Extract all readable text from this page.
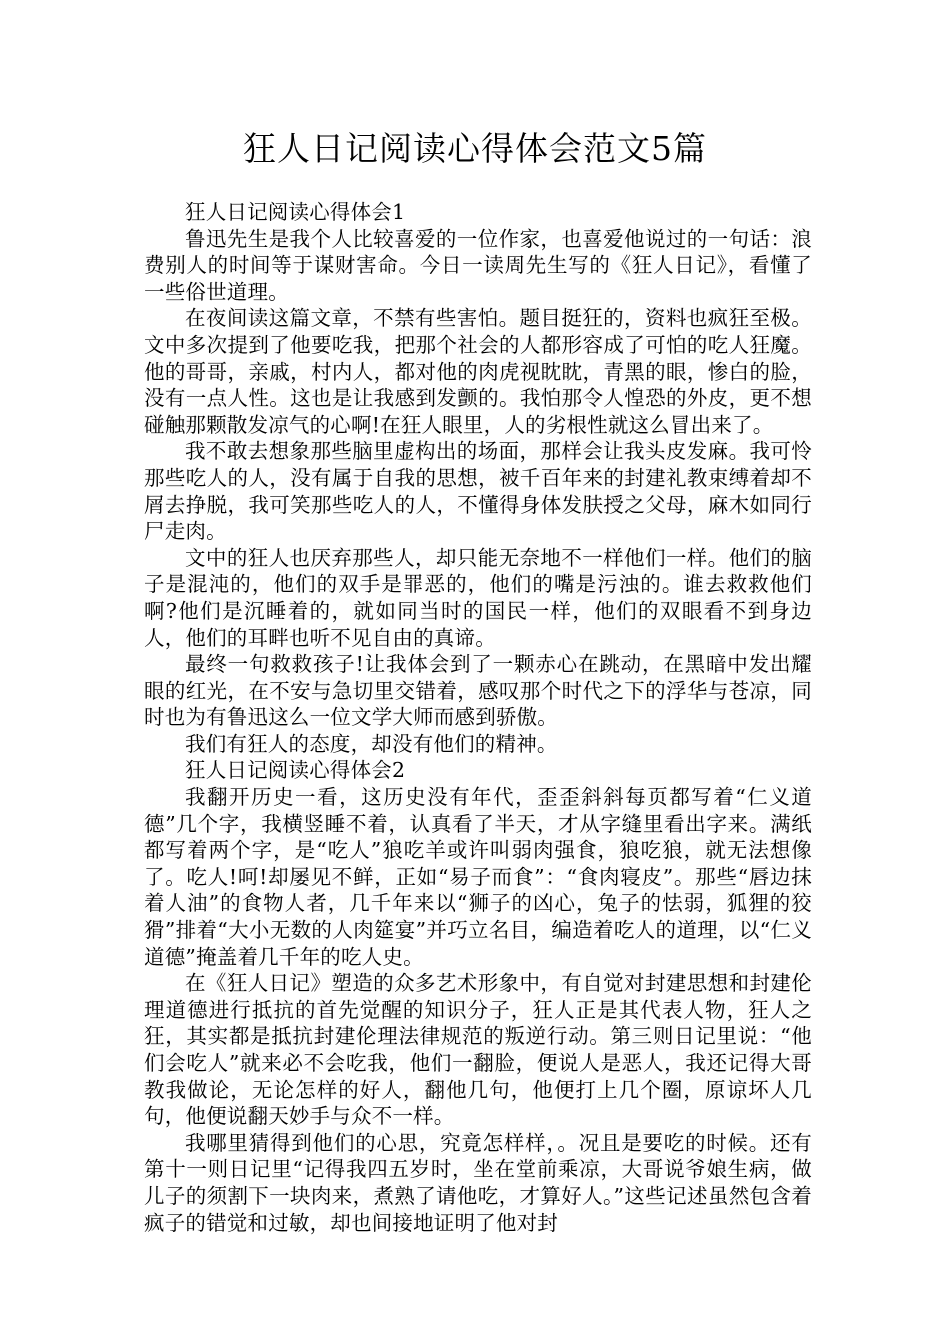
狂人日记阅读心得体会范文5篇

狂人日记阅读心得体会1

鲁迅先生是我个人比较喜爱的一位作家，也喜爱他说过的一句话：浪费别人的时间等于谋财害命。今日一读周先生写的《狂人日记》，看懂了一些俗世道理。

在夜间读这篇文章，不禁有些害怕。题目挺狂的，资料也疯狂至极。文中多次提到了他要吃我，把那个社会的人都形容成了可怕的吃人狂魔。他的哥哥，亲戚，村内人，都对他的肉虎视眈眈，青黑的眼，惨白的脸，没有一点人性。这也是让我感到发颤的。我怕那令人惶恐的外皮，更不想碰触那颗散发凉气的心啊!在狂人眼里，人的劣根性就这么冒出来了。

我不敢去想象那些脑里虚构出的场面，那样会让我头皮发麻。我可怜那些吃人的人，没有属于自我的思想，被千百年来的封建礼教束缚着却不屑去挣脱，我可笑那些吃人的人，不懂得身体发肤授之父母，麻木如同行尸走肉。

文中的狂人也厌弃那些人，却只能无奈地不一样他们一样。他们的脑子是混沌的，他们的双手是罪恶的，他们的嘴是污浊的。谁去救救他们啊?他们是沉睡着的，就如同当时的国民一样，他们的双眼看不到身边人，他们的耳畔也听不见自由的真谛。

最终一句救救孩子!让我体会到了一颗赤心在跳动，在黑暗中发出耀眼的红光，在不安与急切里交错着，感叹那个时代之下的浮华与苍凉，同时也为有鲁迅这么一位文学大师而感到骄傲。

我们有狂人的态度，却没有他们的精神。

狂人日记阅读心得体会2

我翻开历史一看，这历史没有年代，歪歪斜斜每页都写着“仁义道德”几个字，我横竖睡不着，认真看了半天，才从字缝里看出字来。满纸都写着两个字，是“吃人”狼吃羊或许叫弱肉强食，狼吃狼，就无法想像了。吃人!呵!却屡见不鲜，正如“易子而食”：“食肉寝皮”。那些“唇边抹着人油”的食物人者，几千年来以“狮子的凶心，兔子的怯弱，狐狸的狡猾”排着“大小无数的人肉筵宴”并巧立名目，编造着吃人的道理，以“仁义道德”掩盖着几千年的吃人史。

在《狂人日记》塑造的众多艺术形象中，有自觉对封建思想和封建伦理道德进行抵抗的首先觉醒的知识分子，狂人正是其代表人物，狂人之狂，其实都是抵抗封建伦理法律规范的叛逆行动。第三则日记里说：“他们会吃人”就来必不会吃我，他们一翻脸，便说人是恶人，我还记得大哥教我做论，无论怎样的好人，翻他几句，他便打上几个圈，原谅坏人几句，他便说翻天妙手与众不一样。

我哪里猜得到他们的心思，究竟怎样样，。况且是要吃的时候。还有第十一则日记里“记得我四五岁时，坐在堂前乘凉，大哥说爷娘生病，做儿子的须割下一块肉来，煮熟了请他吃，才算好人。”这些记述虽然包含着疯子的错觉和过敏，却也间接地证明了他对封
